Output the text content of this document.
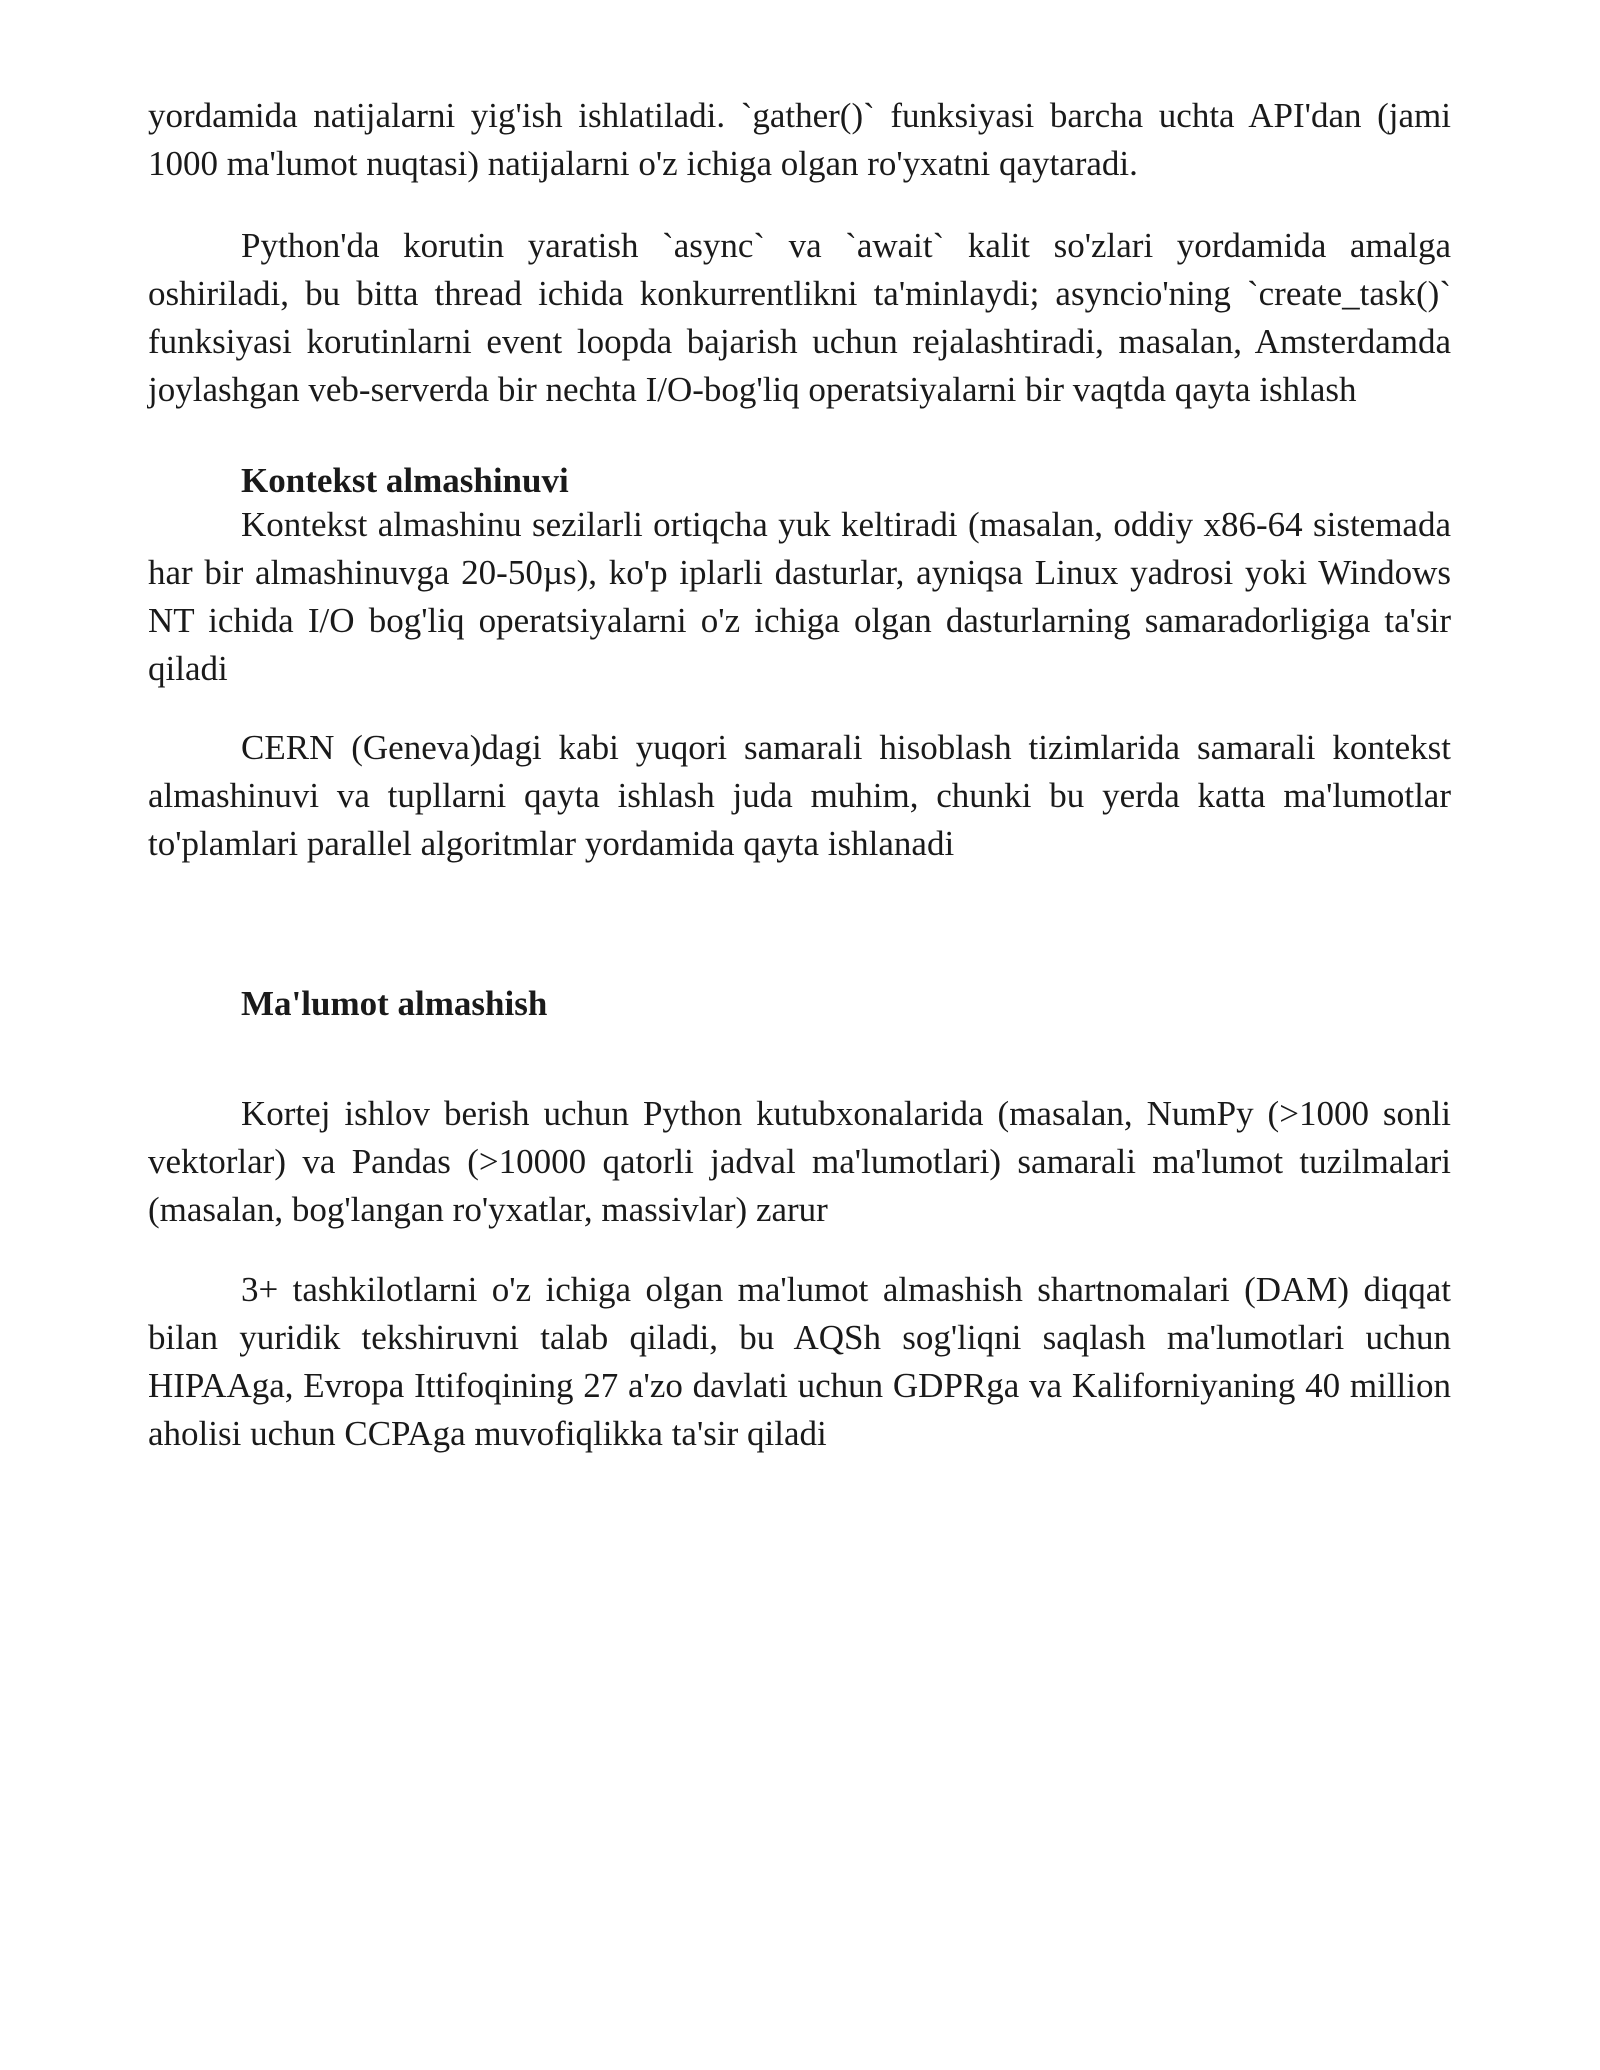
yordamida natijalarni yig'ish ishlatiladi. `gather()` funksiyasi barcha uchta API'dan (jami 1000 ma'lumot nuqtasi) natijalarni o'z ichiga olgan ro'yxatni qaytaradi.

Python'da korutin yaratish `async` va `await` kalit so'zlari yordamida amalga oshiriladi, bu bitta thread ichida konkurrentlikni ta'minlaydi; asyncio'ning `create_task()` funksiyasi korutinlarni event loopda bajarish uchun rejalashtiradi, masalan, Amsterdamda joylashgan veb-serverda bir nechta I/O-bog'liq operatsiyalarni bir vaqtda qayta ishlash

Kontekst almashinuvi

Kontekst almashinu sezilarli ortiqcha yuk keltiradi (masalan, oddiy x86-64 sistemada har bir almashinuvga 20-50µs), ko'p iplarli dasturlar, ayniqsa Linux yadrosi yoki Windows NT ichida I/O bog'liq operatsiyalarni o'z ichiga olgan dasturlarning samaradorligiga ta'sir qiladi

CERN (Geneva)dagi kabi yuqori samarali hisoblash tizimlarida samarali kontekst almashinuvi va tupllarni qayta ishlash juda muhim, chunki bu yerda katta ma'lumotlar to'plamlari parallel algoritmlar yordamida qayta ishlanadi

Ma'lumot almashish

Kortej ishlov berish uchun Python kutubxonalarida (masalan, NumPy (>1000 sonli vektorlar) va Pandas (>10000 qatorli jadval ma'lumotlari) samarali ma'lumot tuzilmalari (masalan, bog'langan ro'yxatlar, massivlar) zarur

3+ tashkilotlarni o'z ichiga olgan ma'lumot almashish shartnomalari (DAM) diqqat bilan yuridik tekshiruvni talab qiladi, bu AQSh sog'liqni saqlash ma'lumotlari uchun HIPAAga, Evropa Ittifoqining 27 a'zo davlati uchun GDPRga va Kaliforniyaning 40 million aholisi uchun CCPAga muvofiqlikka ta'sir qiladi
